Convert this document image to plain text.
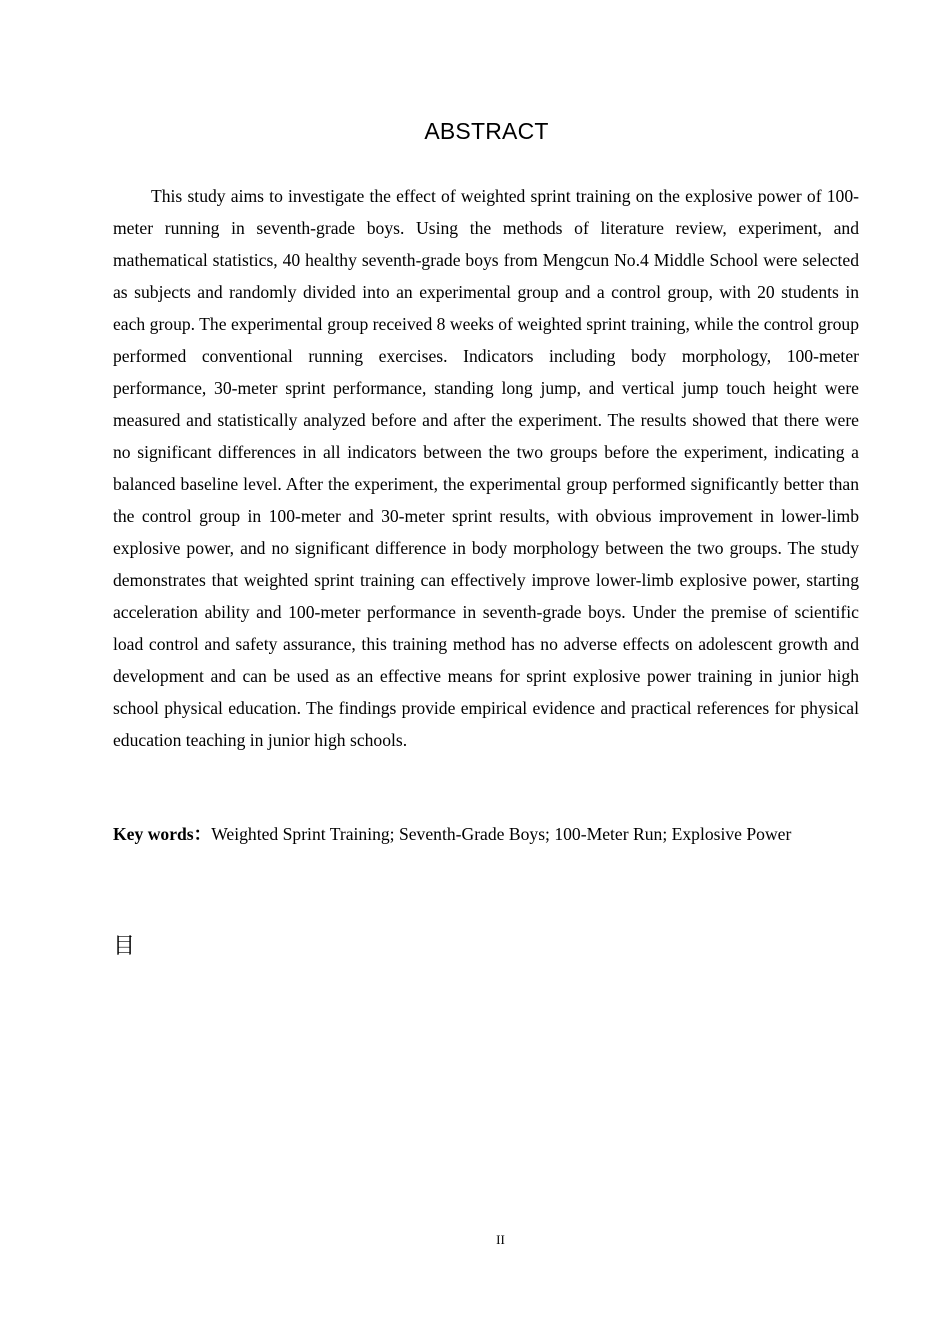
ABSTRACT

This study aims to investigate the effect of weighted sprint training on the explosive power of 100-meter running in seventh-grade boys. Using the methods of literature review, experiment, and mathematical statistics, 40 healthy seventh-grade boys from Mengcun No.4 Middle School were selected as subjects and randomly divided into an experimental group and a control group, with 20 students in each group. The experimental group received 8 weeks of weighted sprint training, while the control group performed conventional running exercises. Indicators including body morphology, 100-meter performance, 30-meter sprint performance, standing long jump, and vertical jump touch height were measured and statistically analyzed before and after the experiment. The results showed that there were no significant differences in all indicators between the two groups before the experiment, indicating a balanced baseline level. After the experiment, the experimental group performed significantly better than the control group in 100-meter and 30-meter sprint results, with obvious improvement in lower-limb explosive power, and no significant difference in body morphology between the two groups. The study demonstrates that weighted sprint training can effectively improve lower-limb explosive power, starting acceleration ability and 100-meter performance in seventh-grade boys. Under the premise of scientific load control and safety assurance, this training method has no adverse effects on adolescent growth and development and can be used as an effective means for sprint explosive power training in junior high school physical education. The findings provide empirical evidence and practical references for physical education teaching in junior high schools.

Key words：Weighted Sprint Training; Seventh-Grade Boys; 100-Meter Run; Explosive Power

目
II
